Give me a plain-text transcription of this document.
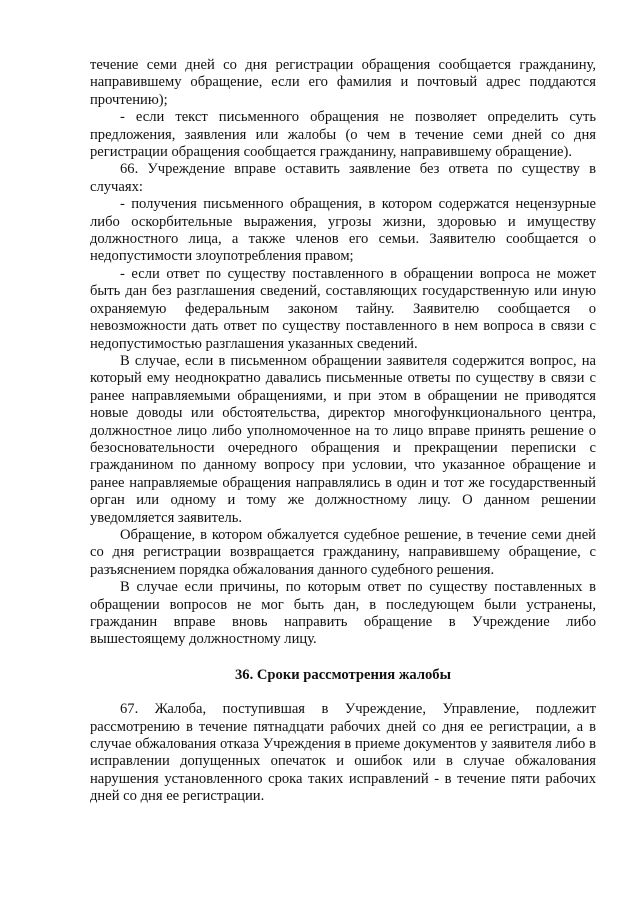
течение семи дней со дня регистрации обращения сообщается гражданину, направившему обращение, если его фамилия и почтовый адрес поддаются прочтению);

- если текст письменного обращения не позволяет определить суть предложения, заявления или жалобы (о чем в течение семи дней со дня регистрации обращения сообщается гражданину, направившему обращение).

66. Учреждение вправе оставить заявление без ответа по существу в случаях:

- получения письменного обращения, в котором содержатся нецензурные либо оскорбительные выражения, угрозы жизни, здоровью и имуществу должностного лица, а также членов его семьи. Заявителю сообщается о недопустимости злоупотребления правом;

- если ответ по существу поставленного в обращении вопроса не может быть дан без разглашения сведений, составляющих государственную или иную охраняемую федеральным законом тайну. Заявителю сообщается о невозможности дать ответ по существу поставленного в нем вопроса в связи с недопустимостью разглашения указанных сведений.

В случае, если в письменном обращении заявителя содержится вопрос, на который ему неоднократно давались письменные ответы по существу в связи с ранее направляемыми обращениями, и при этом в обращении не приводятся новые доводы или обстоятельства, директор многофункционального центра, должностное лицо либо уполномоченное на то лицо вправе принять решение о безосновательности очередного обращения и прекращении переписки с гражданином по данному вопросу при условии, что указанное обращение и ранее направляемые обращения направлялись в один и тот же государственный орган или одному и тому же должностному лицу. О данном решении уведомляется заявитель.

Обращение, в котором обжалуется судебное решение, в течение семи дней со дня регистрации возвращается гражданину, направившему обращение, с разъяснением порядка обжалования данного судебного решения.

В случае если причины, по которым ответ по существу поставленных в обращении вопросов не мог быть дан, в последующем были устранены, гражданин вправе вновь направить обращение в Учреждение либо вышестоящему должностному лицу.

36. Сроки рассмотрения жалобы

67. Жалоба, поступившая в Учреждение, Управление, подлежит рассмотрению в течение пятнадцати рабочих дней со дня ее регистрации, а в случае обжалования отказа Учреждения в приеме документов у заявителя либо в исправлении допущенных опечаток и ошибок или в случае обжалования нарушения установленного срока таких исправлений - в течение пяти рабочих дней со дня ее регистрации.
